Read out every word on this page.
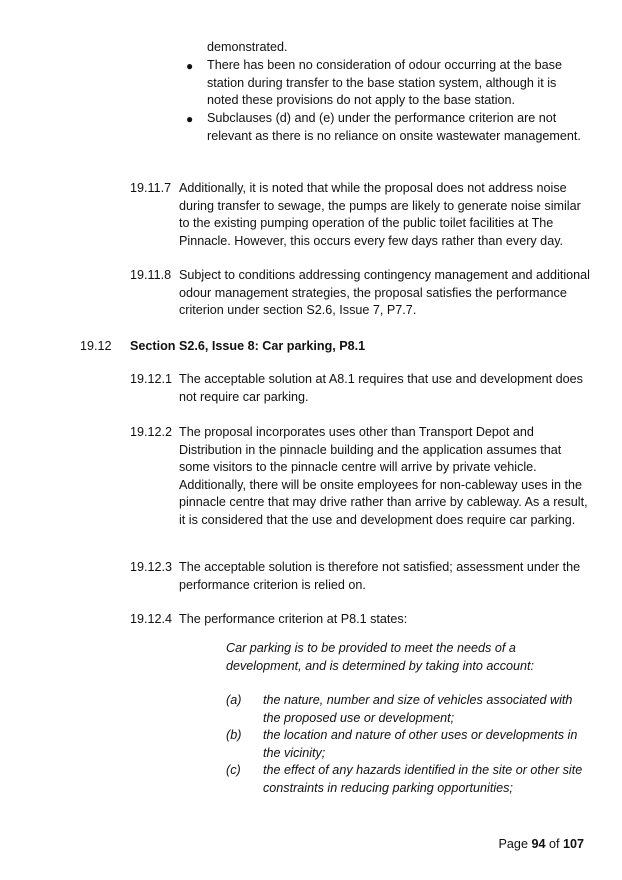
demonstrated.
● There has been no consideration of odour occurring at the base station during transfer to the base station system, although it is noted these provisions do not apply to the base station.
● Subclauses (d) and (e) under the performance criterion are not relevant as there is no reliance on onsite wastewater management.
19.11.7 Additionally, it is noted that while the proposal does not address noise during transfer to sewage, the pumps are likely to generate noise similar to the existing pumping operation of the public toilet facilities at The Pinnacle. However, this occurs every few days rather than every day.
19.11.8 Subject to conditions addressing contingency management and additional odour management strategies, the proposal satisfies the performance criterion under section S2.6, Issue 7, P7.7.
19.12 Section S2.6, Issue 8: Car parking, P8.1
19.12.1 The acceptable solution at A8.1 requires that use and development does not require car parking.
19.12.2 The proposal incorporates uses other than Transport Depot and Distribution in the pinnacle building and the application assumes that some visitors to the pinnacle centre will arrive by private vehicle. Additionally, there will be onsite employees for non-cableway uses in the pinnacle centre that may drive rather than arrive by cableway. As a result, it is considered that the use and development does require car parking.
19.12.3 The acceptable solution is therefore not satisfied; assessment under the performance criterion is relied on.
19.12.4 The performance criterion at P8.1 states:
Car parking is to be provided to meet the needs of a development, and is determined by taking into account:
(a) the nature, number and size of vehicles associated with the proposed use or development;
(b) the location and nature of other uses or developments in the vicinity;
(c) the effect of any hazards identified in the site or other site constraints in reducing parking opportunities;
Page 94 of 107
